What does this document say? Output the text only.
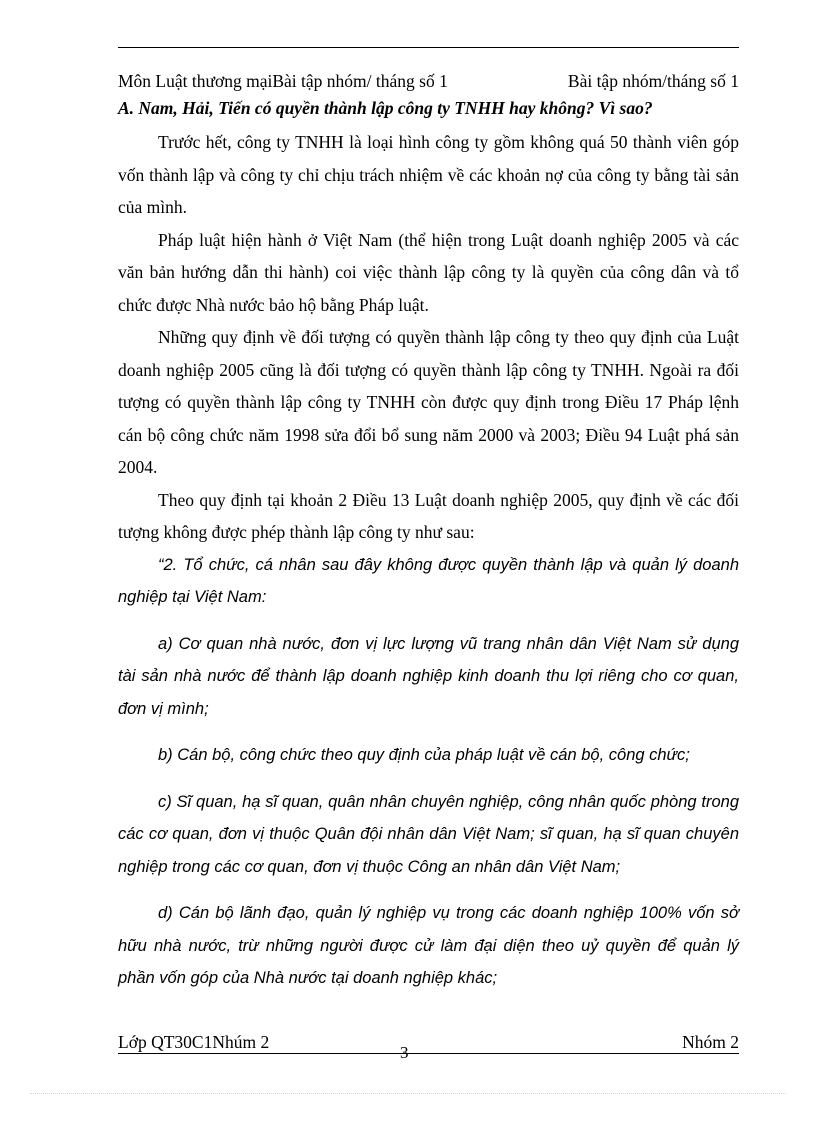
Môn Luật thương mạiBài tập nhóm/ tháng số 1	Bài tập nhóm/tháng số 1
A. Nam, Hải, Tiến có quyền thành lập công ty TNHH hay không? Vì sao?

Trước hết, công ty TNHH là loại hình công ty gồm không quá 50 thành viên góp vốn thành lập và công ty chỉ chịu trách nhiệm về các khoản nợ của công ty bằng tài sản của mình.

Pháp luật hiện hành ở Việt Nam (thể hiện trong Luật doanh nghiệp 2005 và các văn bản hướng dẫn thi hành) coi việc thành lập công ty là quyền của công dân và tổ chức được Nhà nước bảo hộ bằng Pháp luật.

Những quy định về đối tượng có quyền thành lập công ty theo quy định của Luật doanh nghiệp 2005 cũng là đối tượng có quyền thành lập công ty TNHH. Ngoài ra đối tượng có quyền thành lập công ty TNHH còn được quy định trong Điều 17 Pháp lệnh cán bộ công chức năm 1998 sửa đổi bổ sung năm 2000 và 2003; Điều 94 Luật phá sản 2004.

Theo quy định tại khoản 2 Điều 13 Luật doanh nghiệp 2005, quy định về các đối tượng không được phép thành lập công ty như sau:

“2. Tổ chức, cá nhân sau đây không được quyền thành lập và quản lý doanh nghiệp tại Việt Nam:

a) Cơ quan nhà nước, đơn vị lực lượng vũ trang nhân dân Việt Nam sử dụng tài sản nhà nước để thành lập doanh nghiệp kinh doanh thu lợi riêng cho cơ quan, đơn vị mình;

b) Cán bộ, công chức theo quy định của pháp luật về cán bộ, công chức;

c) Sĩ quan, hạ sĩ quan, quân nhân chuyên nghiệp, công nhân quốc phòng trong các cơ quan, đơn vị thuộc Quân đội nhân dân Việt Nam; sĩ quan, hạ sĩ quan chuyên nghiệp trong các cơ quan, đơn vị thuộc Công an nhân dân Việt Nam;

d) Cán bộ lãnh đạo, quản lý nghiệp vụ trong các doanh nghiệp 100% vốn sở hữu nhà nước, trừ những người được cử làm đại diện theo uỷ quyền để quản lý phần vốn góp của Nhà nước tại doanh nghiệp khác;

Lớp QT30C1Nhúm 2	Nhóm 2
3
